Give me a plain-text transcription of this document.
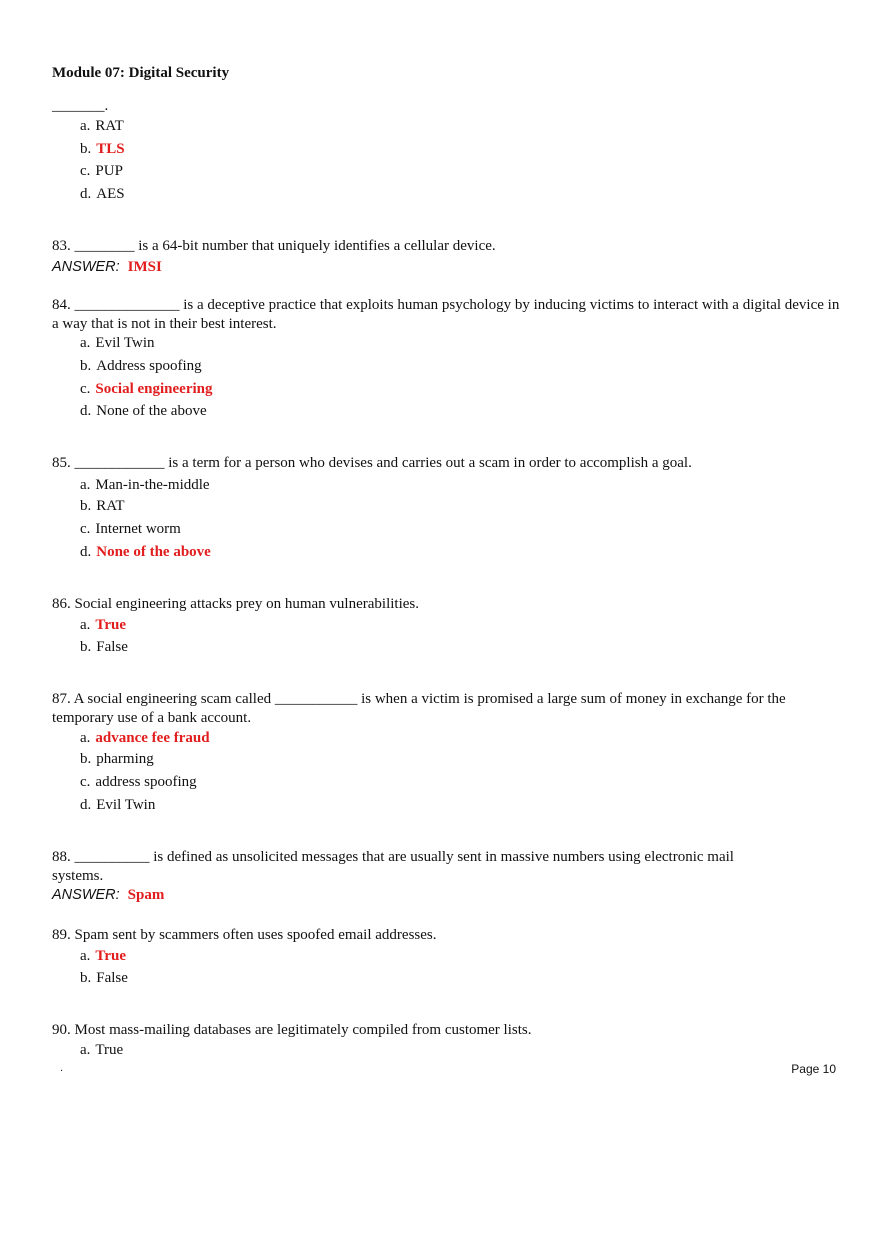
Module 07: Digital Security
_______.
a. RAT
b. TLS
c. PUP
d. AES
83. ________ is a 64-bit number that uniquely identifies a cellular device.
ANSWER: IMSI
84. ______________ is a deceptive practice that exploits human psychology by inducing victims to interact with a digital device in a way that is not in their best interest.
a. Evil Twin
b. Address spoofing
c. Social engineering
d. None of the above
85. ____________ is a term for a person who devises and carries out a scam in order to accomplish a goal.
a. Man-in-the-middle
b. RAT
c. Internet worm
d. None of the above
86. Social engineering attacks prey on human vulnerabilities.
a. True
b. False
87. A social engineering scam called ___________ is when a victim is promised a large sum of money in exchange for the temporary use of a bank account.
a. advance fee fraud
b. pharming
c. address spoofing
d. Evil Twin
88. __________ is defined as unsolicited messages that are usually sent in massive numbers using electronic mail systems.
ANSWER: Spam
89. Spam sent by scammers often uses spoofed email addresses.
a. True
b. False
90. Most mass-mailing databases are legitimately compiled from customer lists.
a. True
.	Page 10
